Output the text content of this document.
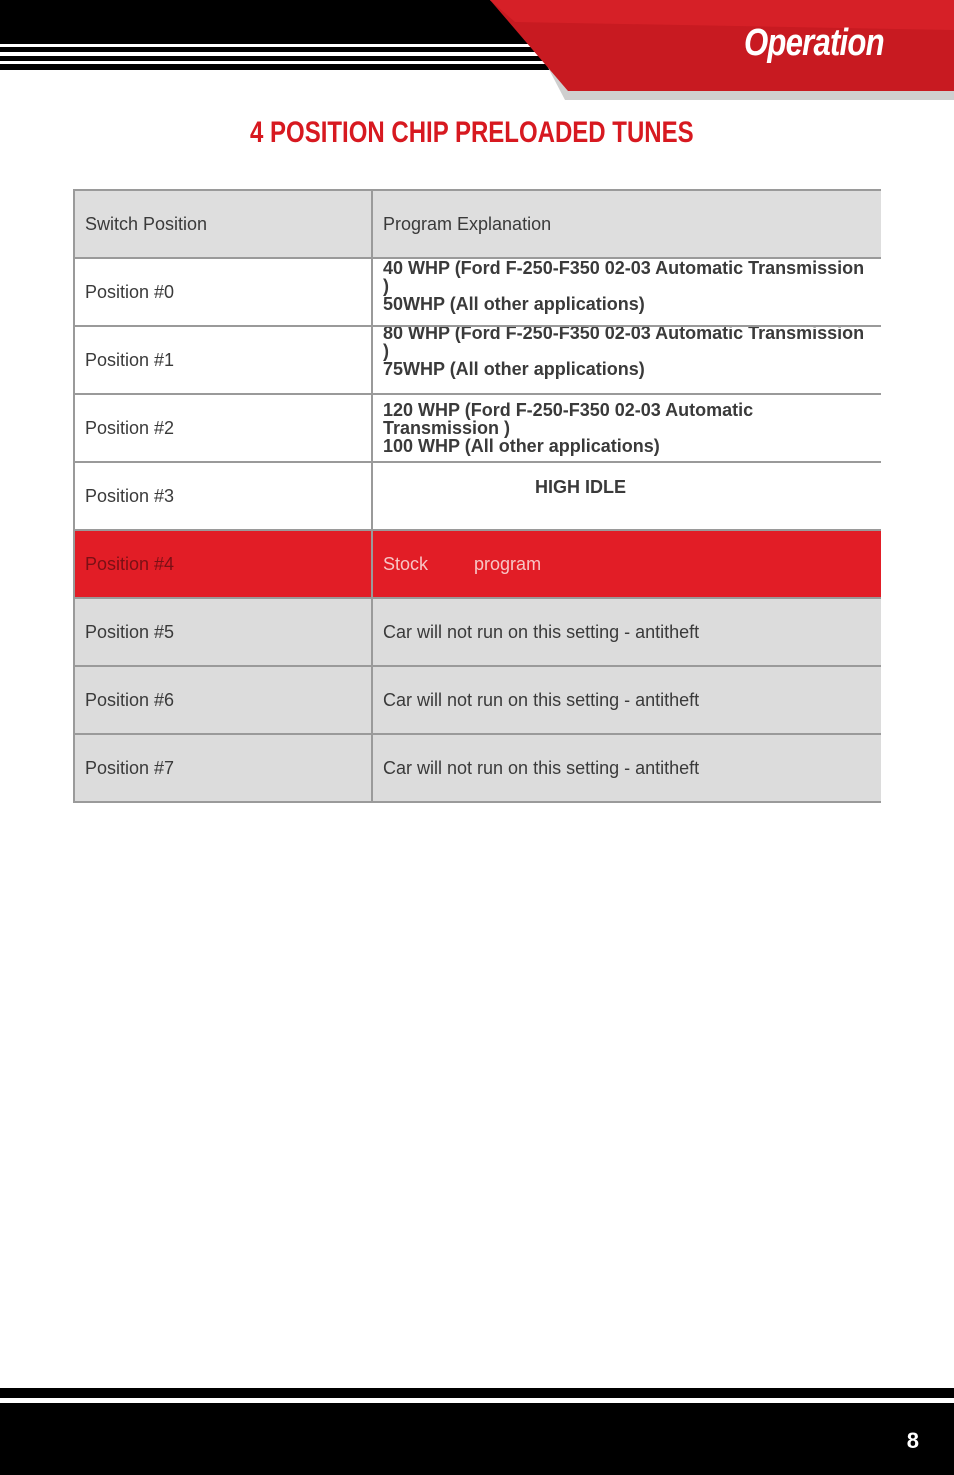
Operation
4 POSITION CHIP PRELOADED TUNES
Switch Position	Program Explanation
Position #0	40 WHP (Ford F-250-F350 02-03 Automatic Transmission )
50WHP (All other applications)

Position #1	80 WHP (Ford F-250-F350 02-03 Automatic Transmission )
75WHP (All other applications)

Position #2	120 WHP (Ford F-250-F350 02-03 Automatic Transmission )
100 WHP (All other applications)

Position #3	HIGH IDLE

Position #4	Stock program
Position #5	Car will not run on this setting - antitheft
Position #6	Car will not run on this setting - antitheft
Position #7	Car will not run on this setting - antitheft
8
